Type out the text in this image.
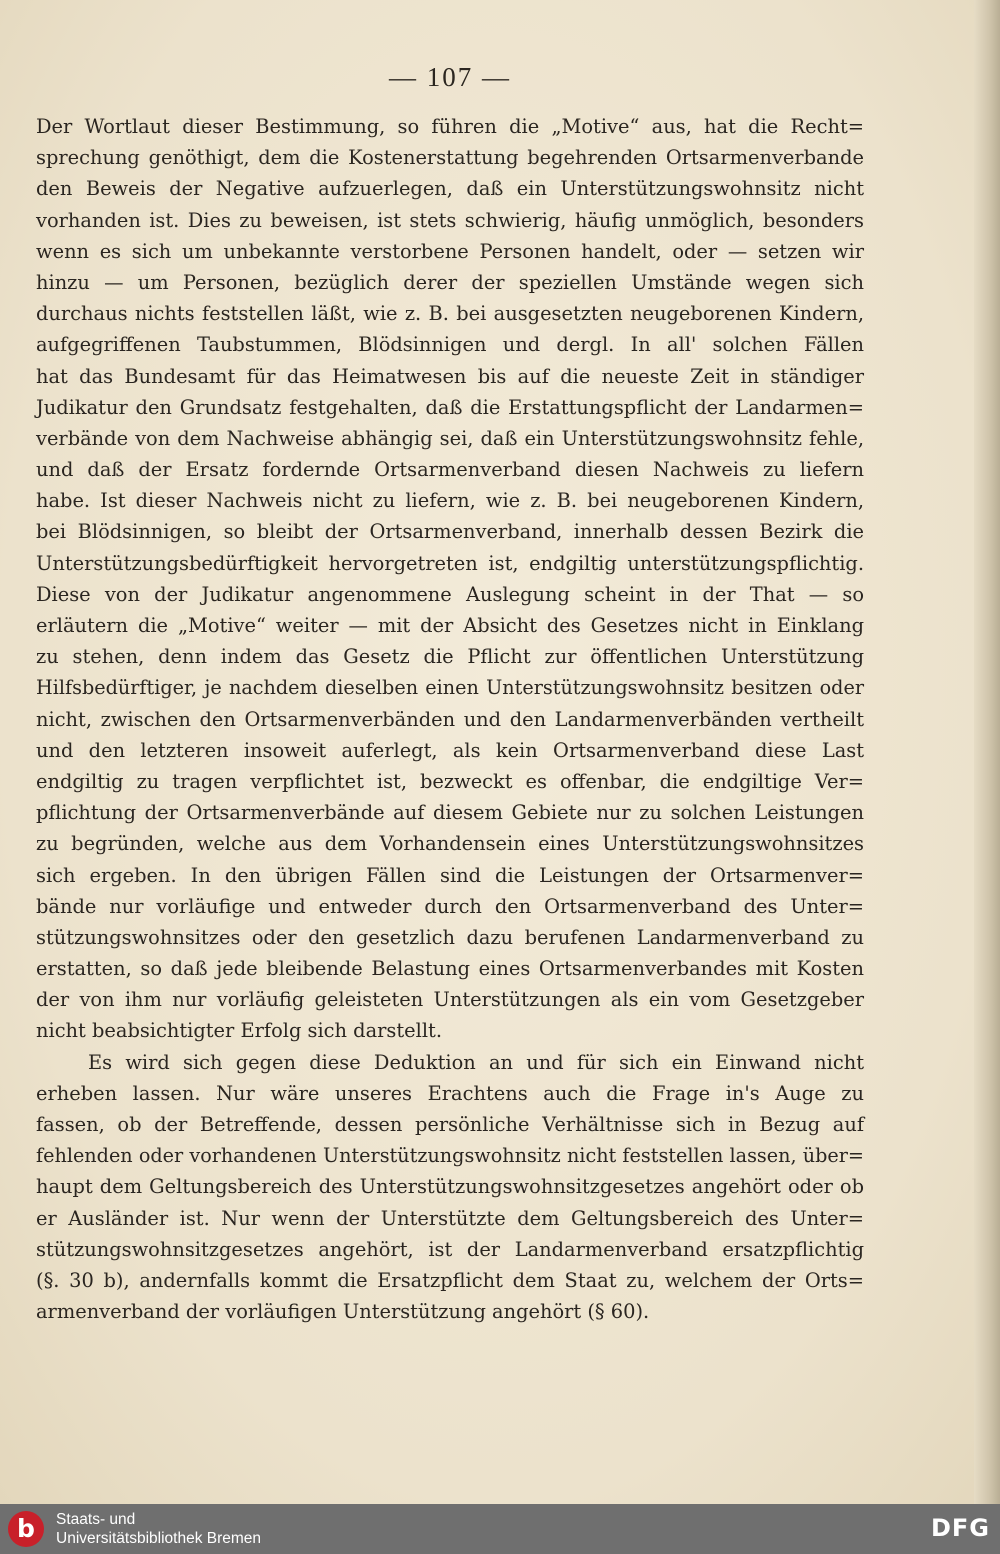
— 107 —
Der Wortlaut dieser Bestimmung, so führen die „Motive“ aus, hat die Recht=
sprechung genöthigt, dem die Kostenerstattung begehrenden Ortsarmenverbande
den Beweis der Negative aufzuerlegen, daß ein Unterstützungswohnsitz nicht
vorhanden ist. Dies zu beweisen, ist stets schwierig, häufig unmöglich, besonders
wenn es sich um unbekannte verstorbene Personen handelt, oder — setzen wir
hinzu — um Personen, bezüglich derer der speziellen Umstände wegen sich
durchaus nichts feststellen läßt, wie z. B. bei ausgesetzten neugeborenen Kindern,
aufgegriffenen Taubstummen, Blödsinnigen und dergl. In all' solchen Fällen
hat das Bundesamt für das Heimatwesen bis auf die neueste Zeit in ständiger
Judikatur den Grundsatz festgehalten, daß die Erstattungspflicht der Landarmen=
verbände von dem Nachweise abhängig sei, daß ein Unterstützungswohnsitz fehle,
und daß der Ersatz fordernde Ortsarmenverband diesen Nachweis zu liefern
habe. Ist dieser Nachweis nicht zu liefern, wie z. B. bei neugeborenen Kindern,
bei Blödsinnigen, so bleibt der Ortsarmenverband, innerhalb dessen Bezirk die
Unterstützungsbedürftigkeit hervorgetreten ist, endgiltig unterstützungspflichtig.
Diese von der Judikatur angenommene Auslegung scheint in der That — so
erläutern die „Motive“ weiter — mit der Absicht des Gesetzes nicht in Einklang
zu stehen, denn indem das Gesetz die Pflicht zur öffentlichen Unterstützung
Hilfsbedürftiger, je nachdem dieselben einen Unterstützungswohnsitz besitzen oder
nicht, zwischen den Ortsarmenverbänden und den Landarmenverbänden vertheilt
und den letzteren insoweit auferlegt, als kein Ortsarmenverband diese Last
endgiltig zu tragen verpflichtet ist, bezweckt es offenbar, die endgiltige Ver=
pflichtung der Ortsarmenverbände auf diesem Gebiete nur zu solchen Leistungen
zu begründen, welche aus dem Vorhandensein eines Unterstützungswohnsitzes
sich ergeben. In den übrigen Fällen sind die Leistungen der Ortsarmenver=
bände nur vorläufige und entweder durch den Ortsarmenverband des Unter=
stützungswohnsitzes oder den gesetzlich dazu berufenen Landarmenverband zu
erstatten, so daß jede bleibende Belastung eines Ortsarmenverbandes mit Kosten
der von ihm nur vorläufig geleisteten Unterstützungen als ein vom Gesetzgeber
nicht beabsichtigter Erfolg sich darstellt.
Es wird sich gegen diese Deduktion an und für sich ein Einwand nicht
erheben lassen. Nur wäre unseres Erachtens auch die Frage in's Auge zu
fassen, ob der Betreffende, dessen persönliche Verhältnisse sich in Bezug auf
fehlenden oder vorhandenen Unterstützungswohnsitz nicht feststellen lassen, über=
haupt dem Geltungsbereich des Unterstützungswohnsitzgesetzes angehört oder ob
er Ausländer ist. Nur wenn der Unterstützte dem Geltungsbereich des Unter=
stützungswohnsitzgesetzes angehört, ist der Landarmenverband ersatzpflichtig
(§. 30 b), andernfalls kommt die Ersatzpflicht dem Staat zu, welchem der Orts=
armenverband der vorläufigen Unterstützung angehört (§ 60).
b	Staats- und
Universitätsbibliothek Bremen	DFG
